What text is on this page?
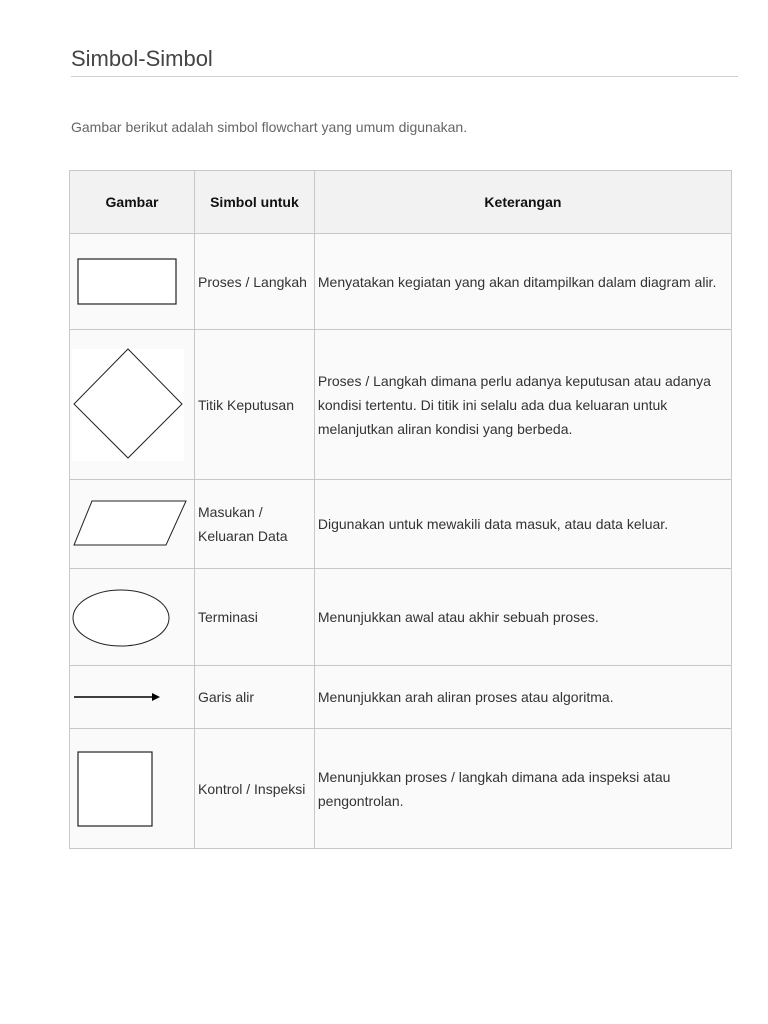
Simbol-Simbol

Gambar berikut adalah simbol flowchart yang umum digunakan.

Gambar	Simbol untuk	Keterangan

	Proses / Langkah	Menyatakan kegiatan yang akan ditampilkan dalam diagram alir.

	Titik Keputusan	Proses / Langkah dimana perlu adanya keputusan atau adanya kondisi tertentu. Di titik ini selalu ada dua keluaran untuk melanjutkan aliran kondisi yang berbeda.

	Masukan / Keluaran Data	Digunakan untuk mewakili data masuk, atau data keluar.

	Terminasi	Menunjukkan awal atau akhir sebuah proses.

	Garis alir	Menunjukkan arah aliran proses atau algoritma.

	Kontrol / Inspeksi	Menunjukkan proses / langkah dimana ada inspeksi atau pengontrolan.
